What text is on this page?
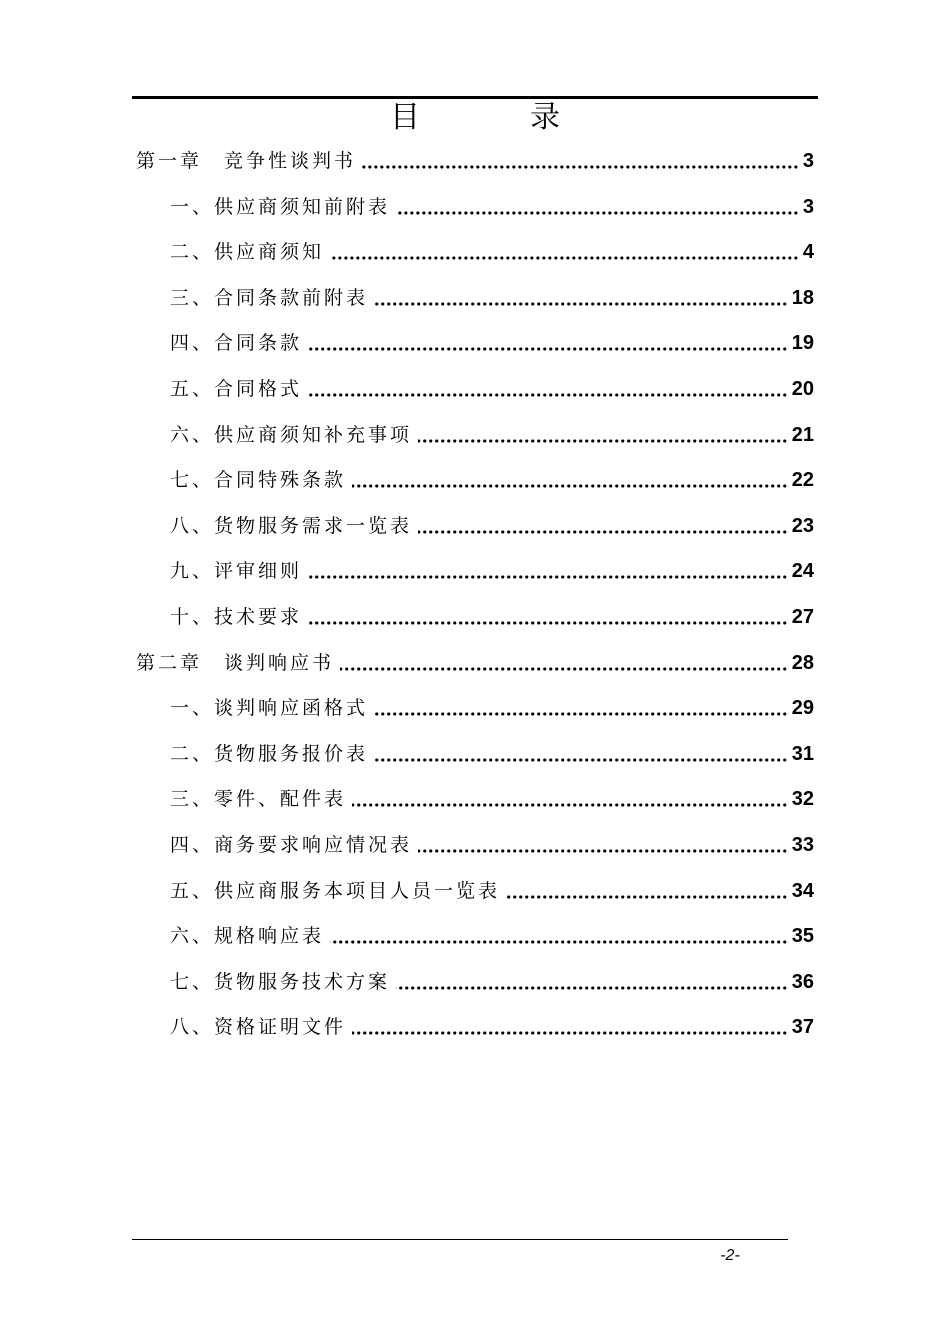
目　录
第一章　竞争性谈判书	3
一、供应商须知前附表	3
二、供应商须知	4
三、合同条款前附表	18
四、合同条款	19
五、合同格式	20
六、供应商须知补充事项	21
七、合同特殊条款	22
八、货物服务需求一览表	23
九、评审细则	24
十、技术要求	27
第二章　谈判响应书	28
一、谈判响应函格式	29
二、货物服务报价表	31
三、零件、配件表	32
四、商务要求响应情况表	33
五、供应商服务本项目人员一览表	34
六、规格响应表	35
七、货物服务技术方案	36
八、资格证明文件	37
-2-
